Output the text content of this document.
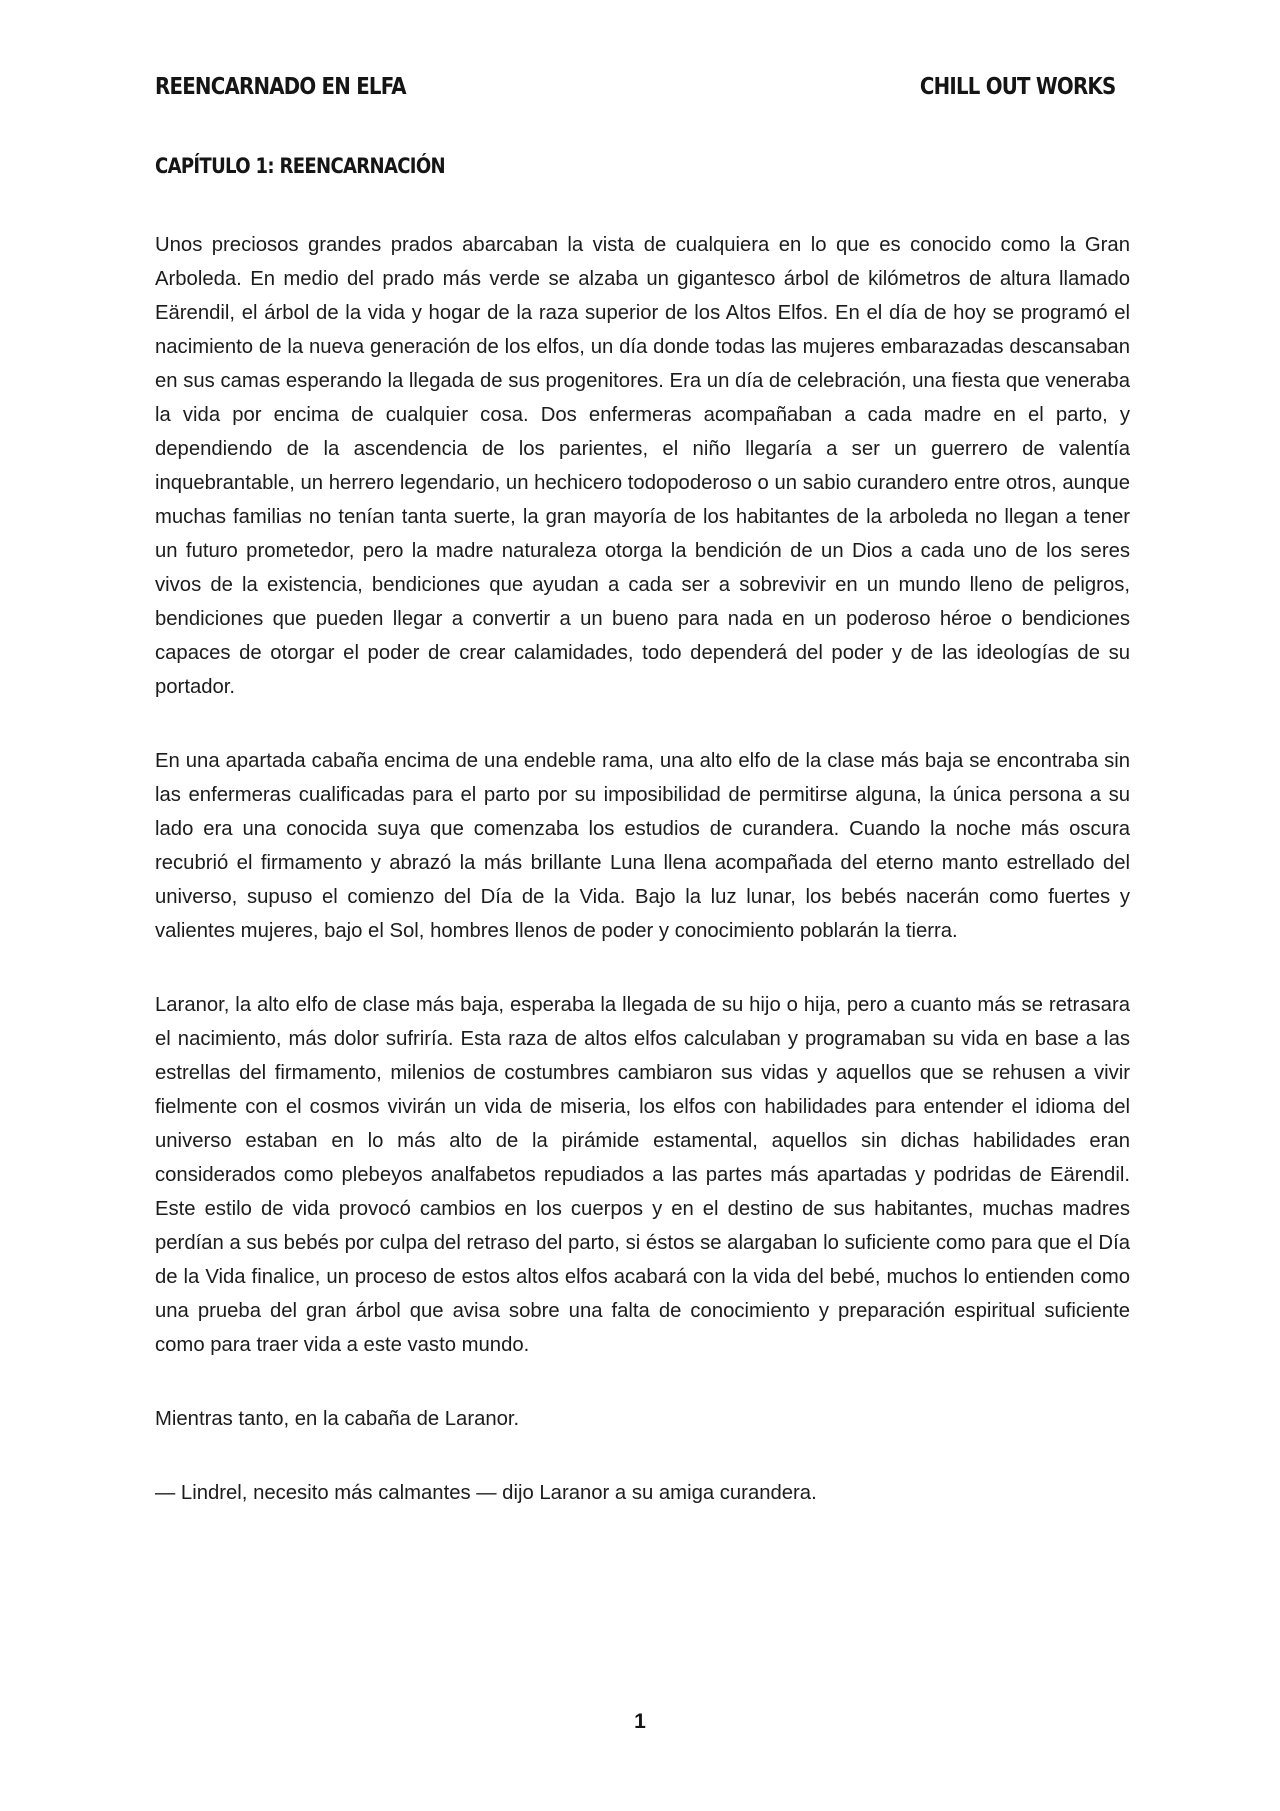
REENCARNADO EN ELFA	CHILL OUT WORKS
CAPÍTULO 1: REENCARNACIÓN

Unos preciosos grandes prados abarcaban la vista de cualquiera en lo que es conocido como la Gran Arboleda. En medio del prado más verde se alzaba un gigantesco árbol de kilómetros de altura llamado Eärendil, el árbol de la vida y hogar de la raza superior de los Altos Elfos. En el día de hoy se programó el nacimiento de la nueva generación de los elfos, un día donde todas las mujeres embarazadas descansaban en sus camas esperando la llegada de sus progenitores. Era un día de celebración, una fiesta que veneraba la vida por encima de cualquier cosa. Dos enfermeras acompañaban a cada madre en el parto, y dependiendo de la ascendencia de los parientes, el niño llegaría a ser un guerrero de valentía inquebrantable, un herrero legendario, un hechicero todopoderoso o un sabio curandero entre otros, aunque muchas familias no tenían tanta suerte, la gran mayoría de los habitantes de la arboleda no llegan a tener un futuro prometedor, pero la madre naturaleza otorga la bendición de un Dios a cada uno de los seres vivos de la existencia, bendiciones que ayudan a cada ser a sobrevivir en un mundo lleno de peligros, bendiciones que pueden llegar a convertir a un bueno para nada en un poderoso héroe o bendiciones capaces de otorgar el poder de crear calamidades, todo dependerá del poder y de las ideologías de su portador.

En una apartada cabaña encima de una endeble rama, una alto elfo de la clase más baja se encontraba sin las enfermeras cualificadas para el parto por su imposibilidad de permitirse alguna, la única persona a su lado era una conocida suya que comenzaba los estudios de curandera. Cuando la noche más oscura recubrió el firmamento y abrazó la más brillante Luna llena acompañada del eterno manto estrellado del universo, supuso el comienzo del Día de la Vida. Bajo la luz lunar, los bebés nacerán como fuertes y valientes mujeres, bajo el Sol, hombres llenos de poder y conocimiento poblarán la tierra.

Laranor, la alto elfo de clase más baja, esperaba la llegada de su hijo o hija, pero a cuanto más se retrasara el nacimiento, más dolor sufriría. Esta raza de altos elfos calculaban y programaban su vida en base a las estrellas del firmamento, milenios de costumbres cambiaron sus vidas y aquellos que se rehusen a vivir fielmente con el cosmos vivirán un vida de miseria, los elfos con habilidades para entender el idioma del universo estaban en lo más alto de la pirámide estamental, aquellos sin dichas habilidades eran considerados como plebeyos analfabetos repudiados a las partes más apartadas y podridas de Eärendil. Este estilo de vida provocó cambios en los cuerpos y en el destino de sus habitantes, muchas madres perdían a sus bebés por culpa del retraso del parto, si éstos se alargaban lo suficiente como para que el Día de la Vida finalice, un proceso de estos altos elfos acabará con la vida del bebé, muchos lo entienden como una prueba del gran árbol que avisa sobre una falta de conocimiento y preparación espiritual suficiente como para traer vida a este vasto mundo.

Mientras tanto, en la cabaña de Laranor.

— Lindrel, necesito más calmantes — dijo Laranor a su amiga curandera.

1
